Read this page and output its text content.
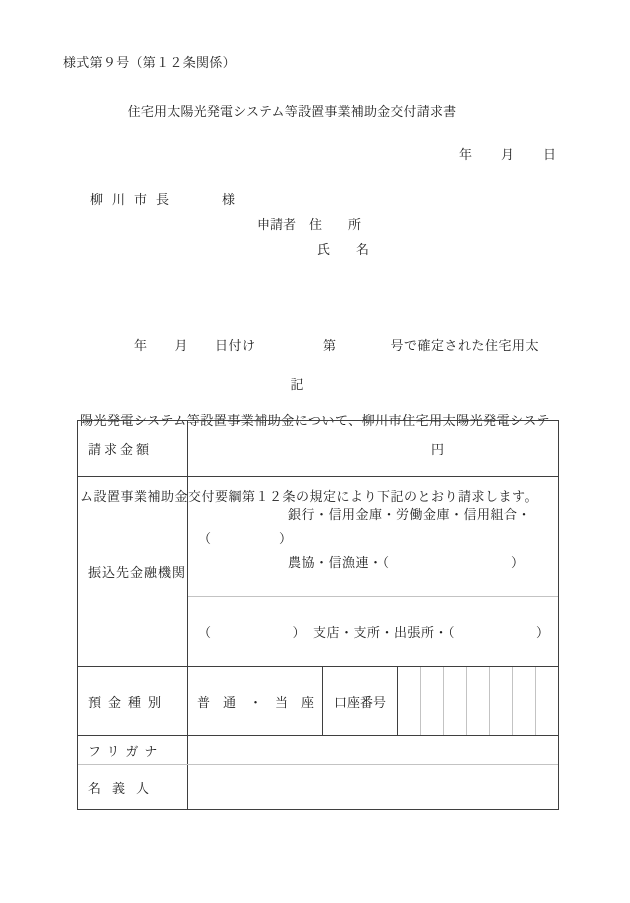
様式第９号（第１２条関係）
住宅用太陽光発電システム等設置事業補助金交付請求書
年　　月　　日
柳川市長　　様
申請者　住　　所
氏　　名

　　　　年　　月　　日付け　　　　　第　　　　号で確定された住宅用太

陽光発電システム等設置事業補助金について、柳川市住宅用太陽光発電システ

ム設置事業補助金交付要綱第１２条の規定により下記のとおり請求します。

記
請求金額	円
振込先金融機関
銀行・信用金庫・労働金庫・信用組合・
（　　　　　）
農協・信漁連・（　　　　　　　　　）
（　　　　　　）　支店・支所・出張所・（　　　　　　）
預金種別	普通・当座 口座番号
フリガナ
名義人
